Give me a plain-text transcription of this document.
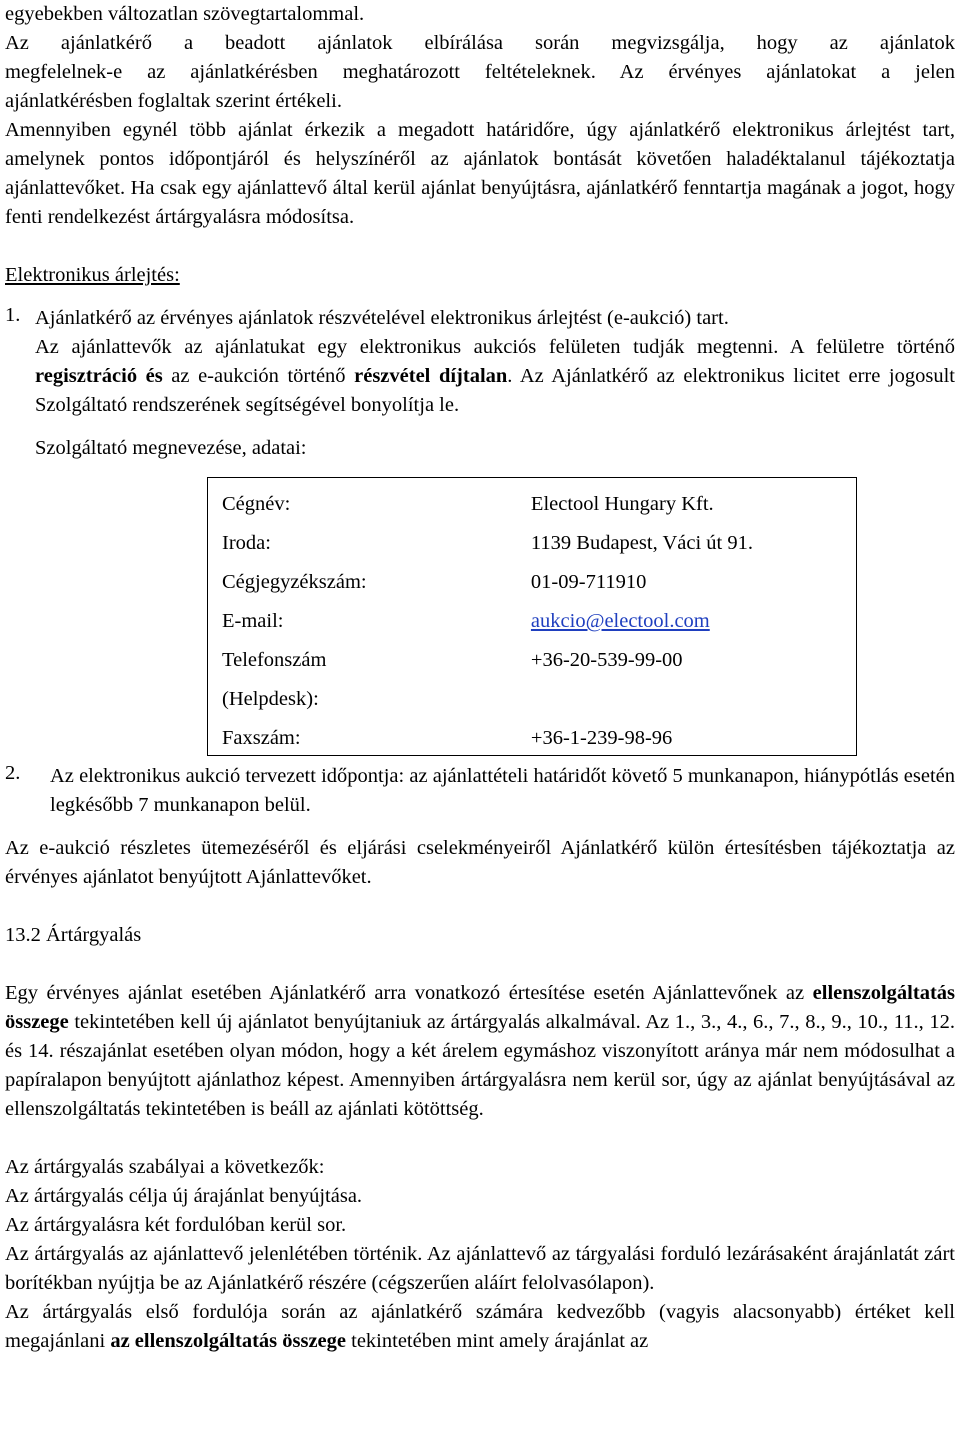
egyebekben változatlan szövegtartalommal.

Az ajánlatkérő a beadott ajánlatok elbírálása során megvizsgálja, hogy az ajánlatok

megfelelnek-e az ajánlatkérésben meghatározott feltételeknek. Az érvényes ajánlatokat a jelen

ajánlatkérésben foglaltak szerint értékeli.

Amennyiben egynél több ajánlat érkezik a megadott határidőre, úgy ajánlatkérő elektronikus árlejtést tart, amelynek pontos időpontjáról és helyszínéről az ajánlatok bontását követően haladéktalanul tájékoztatja ajánlattevőket. Ha csak egy ajánlattevő által kerül ajánlat benyújtásra, ajánlatkérő fenntartja magának a jogot, hogy fenti rendelkezést ártárgyalásra módosítsa.

Elektronikus árlejtés:

1. Ajánlatkérő az érvényes ajánlatok részvételével elektronikus árlejtést (e-aukció) tart.

Az ajánlattevők az ajánlatukat egy elektronikus aukciós felületen tudják megtenni. A felületre történő regisztráció és az e-aukción történő részvétel díjtalan. Az Ajánlatkérő az elektronikus licitet erre jogosult Szolgáltató rendszerének segítségével bonyolítja le.

Szolgáltató megnevezése, adatai:

Cégnév:	Electool Hungary Kft.
Iroda:	1139 Budapest, Váci út 91.
Cégjegyzékszám:	01-09-711910
E-mail:	aukcio@electool.com
Telefonszám	+36-20-539-99-00
(Helpdesk):	
Faxszám:	+36-1-239-98-96
2. Az elektronikus aukció tervezett időpontja: az ajánlattételi határidőt követő 5 munkanapon, hiánypótlás esetén legkésőbb 7 munkanapon belül.

Az e-aukció részletes ütemezéséről és eljárási cselekményeiről Ajánlatkérő külön értesítésben tájékoztatja az érvényes ajánlatot benyújtott Ajánlattevőket.

13.2 Ártárgyalás

Egy érvényes ajánlat esetében Ajánlatkérő arra vonatkozó értesítése esetén Ajánlattevőnek az ellenszolgáltatás összege tekintetében kell új ajánlatot benyújtaniuk az ártárgyalás alkalmával. Az 1., 3., 4., 6., 7., 8., 9., 10., 11., 12. és 14. részajánlat esetében olyan módon, hogy a két árelem egymáshoz viszonyított aránya már nem módosulhat a papíralapon benyújtott ajánlathoz képest. Amennyiben ártárgyalásra nem kerül sor, úgy az ajánlat benyújtásával az ellenszolgáltatás tekintetében is beáll az ajánlati kötöttség.

Az ártárgyalás szabályai a következők:

Az ártárgyalás célja új árajánlat benyújtása.

Az ártárgyalásra két fordulóban kerül sor.

Az ártárgyalás az ajánlattevő jelenlétében történik. Az ajánlattevő az tárgyalási forduló lezárásaként árajánlatát zárt borítékban nyújtja be az Ajánlatkérő részére (cégszerűen aláírt felolvasólapon).

Az ártárgyalás első fordulója során az ajánlatkérő számára kedvezőbb (vagyis alacsonyabb) értéket kell megajánlani az ellenszolgáltatás összege tekintetében mint amely árajánlat az
